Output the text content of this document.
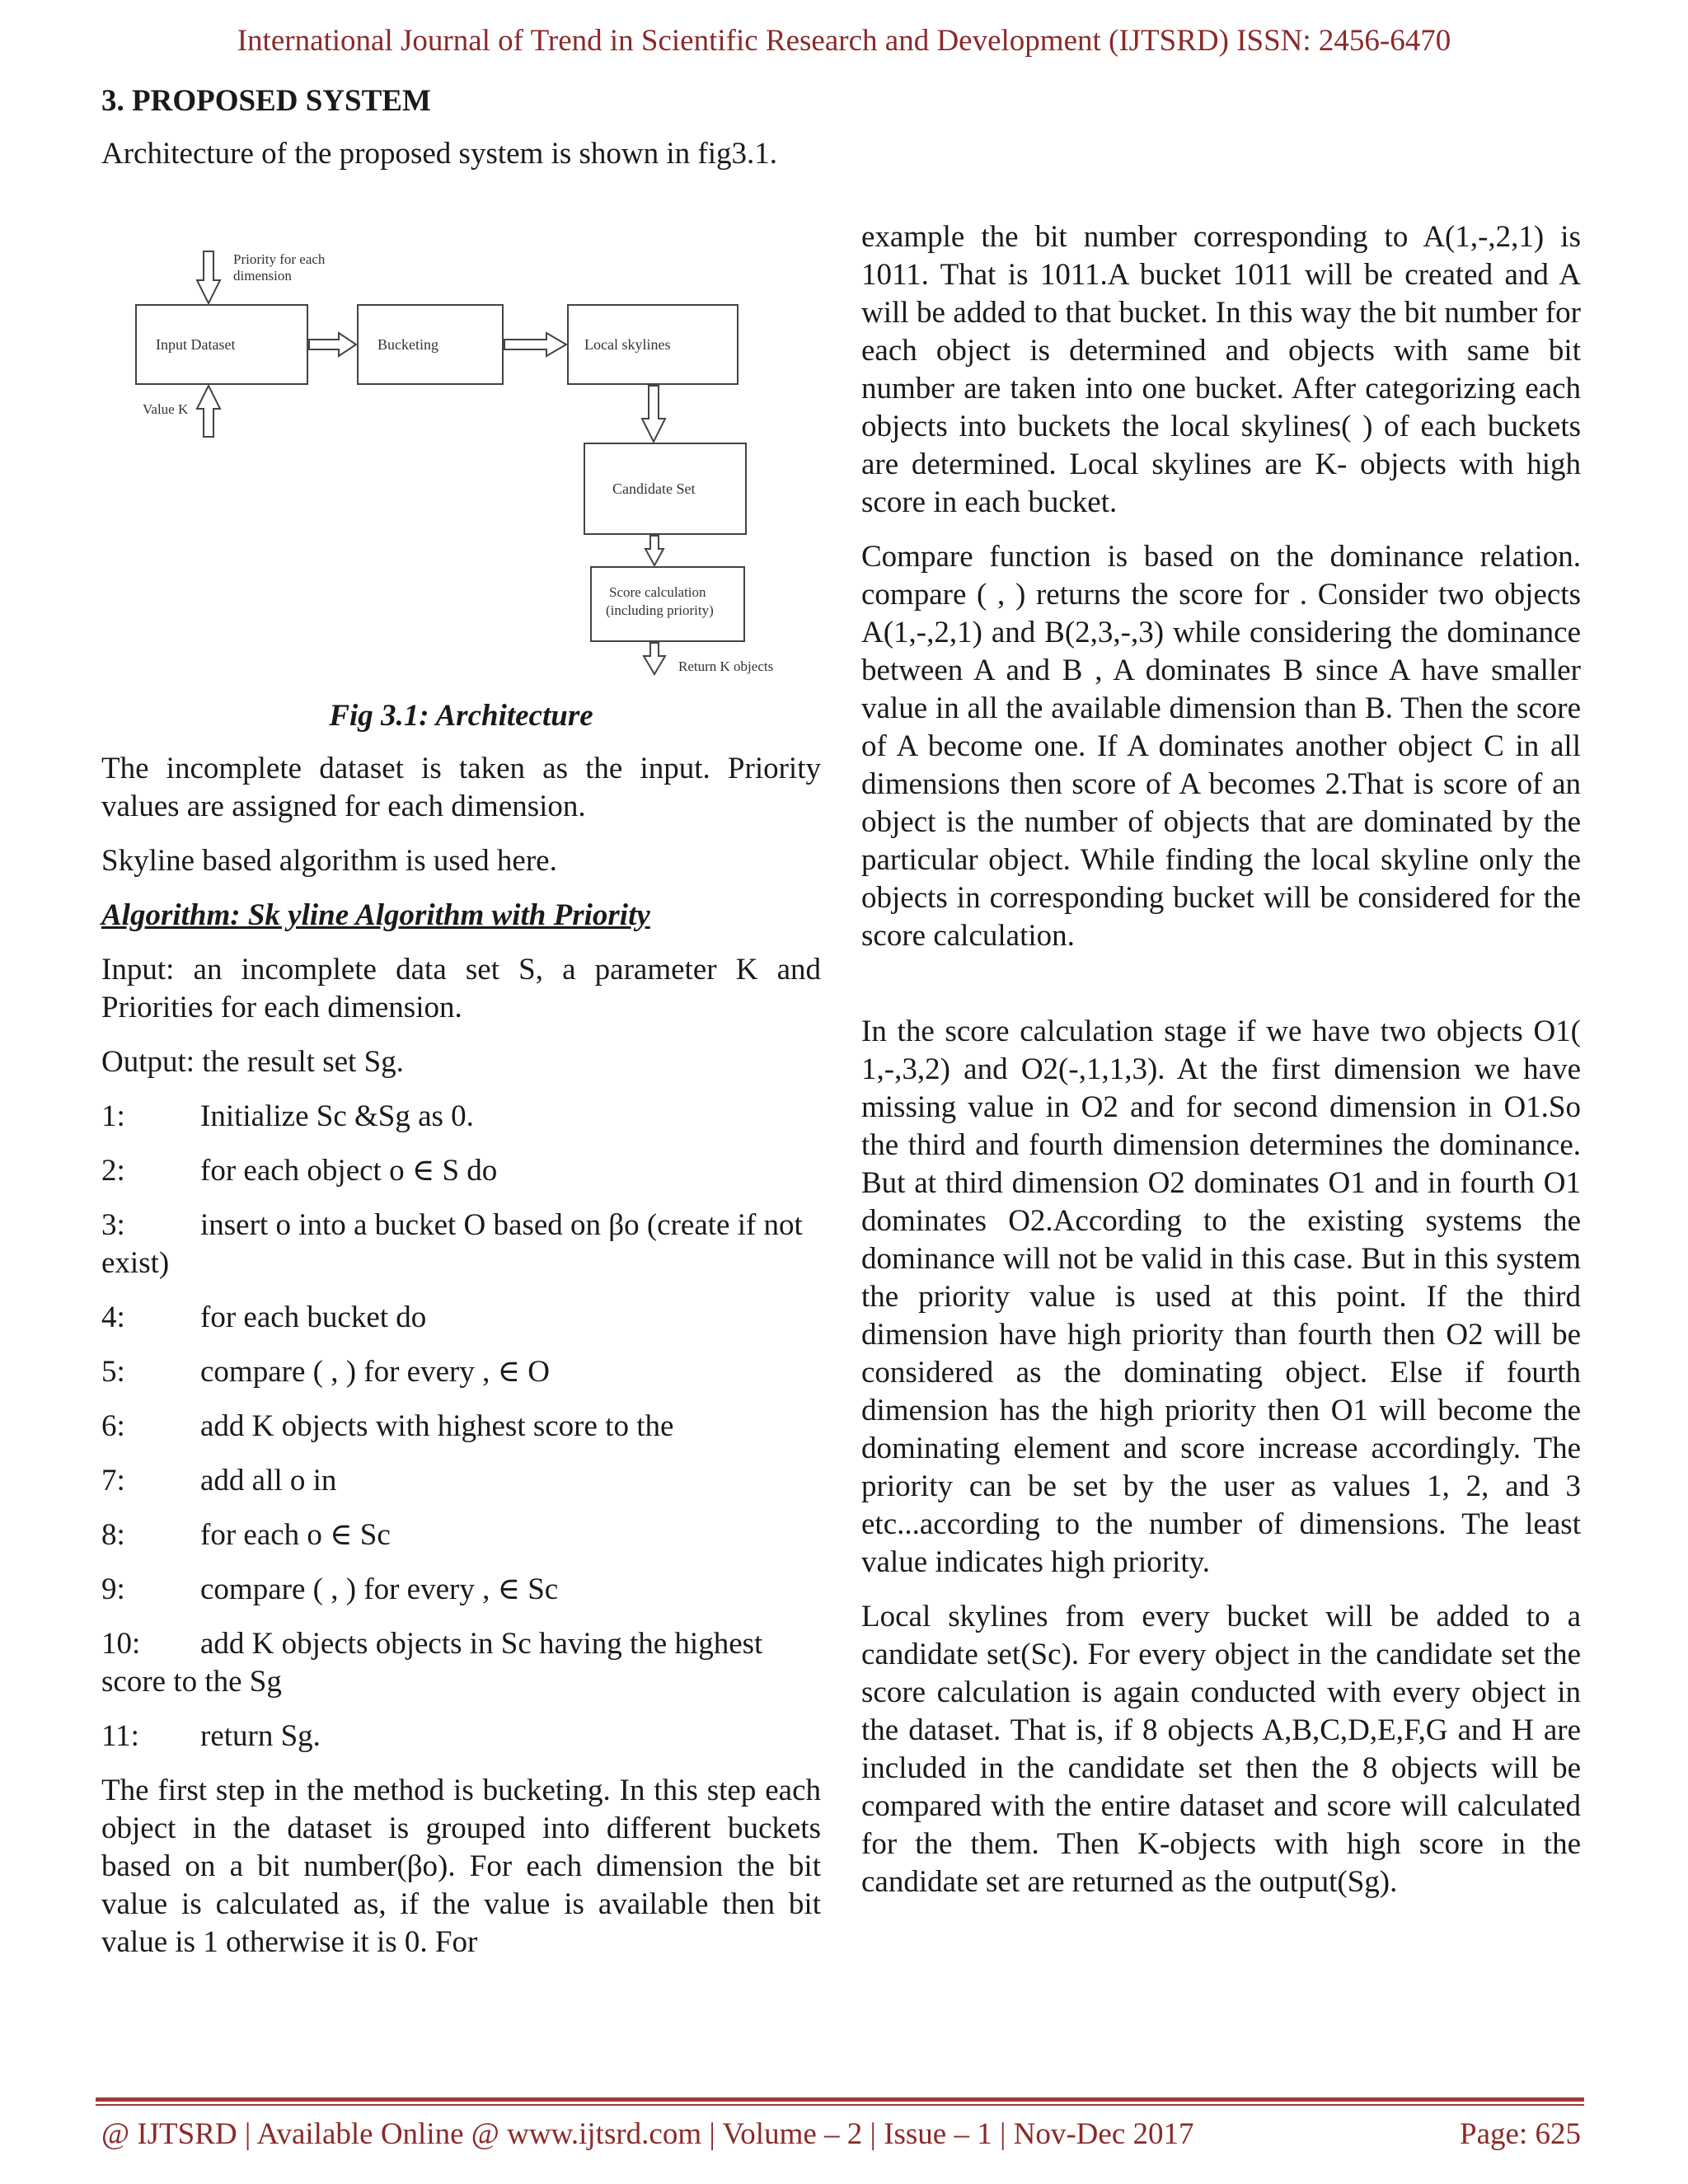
International Journal of Trend in Scientific Research and Development (IJTSRD) ISSN: 2456-6470
3. PROPOSED SYSTEM

Architecture of the proposed system is shown in fig3.1.

Priority for each
dimension
Input Dataset	Bucketing	Local skylines
Value K
Candidate Set
Score calculation
(including priority)
Return K objects
Fig 3.1: Architecture

The incomplete dataset is taken as the input. Priority values are assigned for each dimension.

Skyline based algorithm is used here.

Algorithm: Sk yline Algorithm with Priority

Input: an incomplete data set S, a parameter K and Priorities for each dimension.

Output: the result set Sg.

1: Initialize Sc &Sg as 0.
2: for each object o ∈ S do
3: insert o into a bucket O based on βo (create if not exist)
4: for each bucket do
5: compare ( , ) for every , ∈ O
6: add K objects with highest score to the
7: add all o in
8: for each o ∈ Sc
9: compare ( , ) for every , ∈ Sc
10: add K objects objects in Sc having the highest score to the Sg
11: return Sg.

The first step in the method is bucketing. In this step each object in the dataset is grouped into different buckets based on a bit number(βo). For each dimension the bit value is calculated as, if the value is available then bit value is 1 otherwise it is 0. For

example the bit number corresponding to A(1,-,2,1) is 1011. That is 1011.A bucket 1011 will be created and A will be added to that bucket. In this way the bit number for each object is determined and objects with same bit number are taken into one bucket. After categorizing each objects into buckets the local skylines( ) of each buckets are determined. Local skylines are K- objects with high score in each bucket.

Compare function is based on the dominance relation. compare ( , ) returns the score for . Consider two objects A(1,-,2,1) and B(2,3,-,3) while considering the dominance between A and B , A dominates B since A have smaller value in all the available dimension than B. Then the score of A become one. If A dominates another object C in all dimensions then score of A becomes 2.That is score of an object is the number of objects that are dominated by the particular object. While finding the local skyline only the objects in corresponding bucket will be considered for the score calculation.

In the score calculation stage if we have two objects O1( 1,-,3,2) and O2(-,1,1,3). At the first dimension we have missing value in O2 and for second dimension in O1.So the third and fourth dimension determines the dominance. But at third dimension O2 dominates O1 and in fourth O1 dominates O2.According to the existing systems the dominance will not be valid in this case. But in this system the priority value is used at this point. If the third dimension have high priority than fourth then O2 will be considered as the dominating object. Else if fourth dimension has the high priority then O1 will become the dominating element and score increase accordingly. The priority can be set by the user as values 1, 2, and 3 etc...according to the number of dimensions. The least value indicates high priority.

Local skylines from every bucket will be added to a candidate set(Sc). For every object in the candidate set the score calculation is again conducted with every object in the dataset. That is, if 8 objects A,B,C,D,E,F,G and H are included in the candidate set then the 8 objects will be compared with the entire dataset and score will calculated for the them. Then K-objects with high score in the candidate set are returned as the output(Sg).

@ IJTSRD | Available Online @ www.ijtsrd.com | Volume – 2 | Issue – 1 | Nov-Dec 2017	Page: 625
